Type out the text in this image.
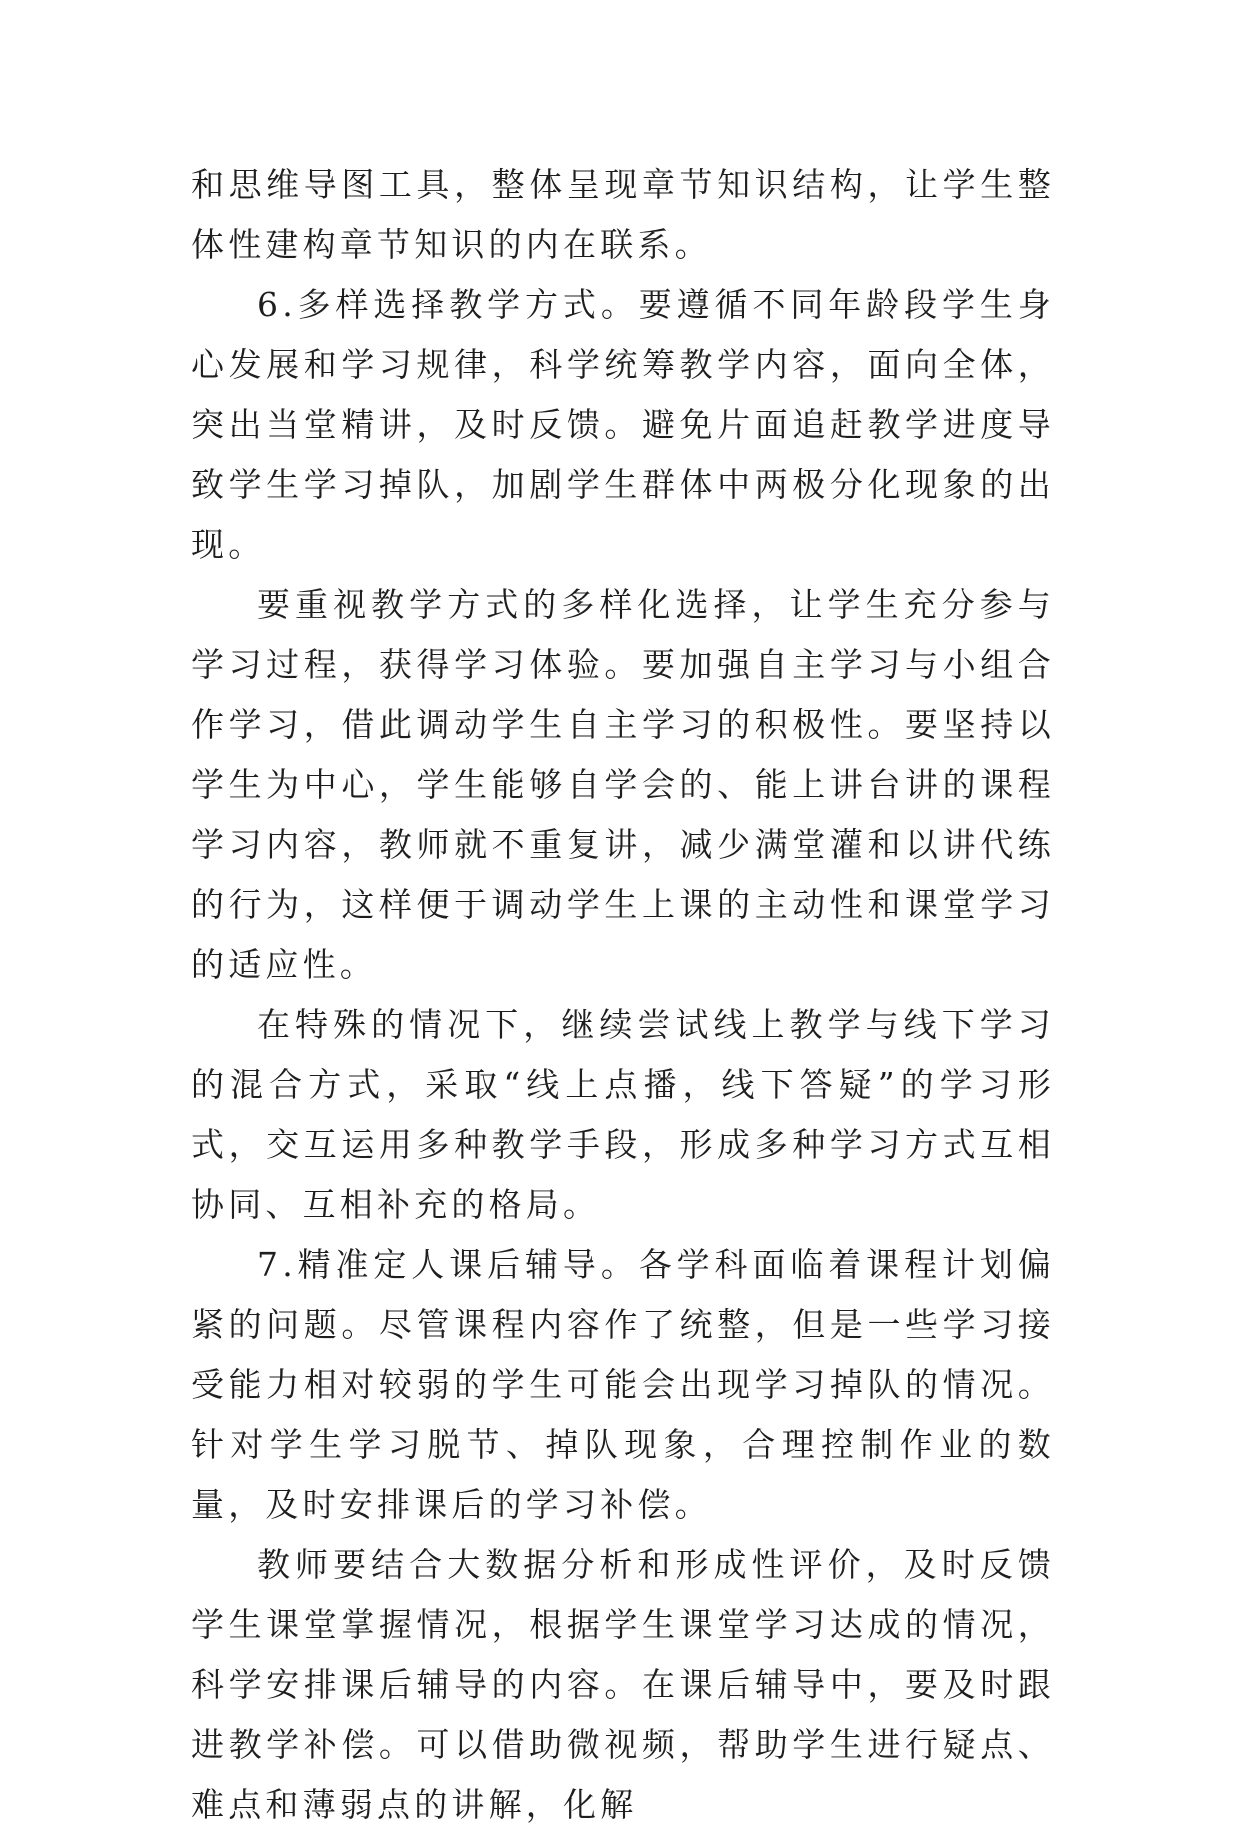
和思维导图工具，整体呈现章节知识结构，让学生整体性建构章节知识的内在联系。

6.多样选择教学方式。要遵循不同年龄段学生身心发展和学习规律，科学统筹教学内容，面向全体，突出当堂精讲，及时反馈。避免片面追赶教学进度导致学生学习掉队，加剧学生群体中两极分化现象的出现。

要重视教学方式的多样化选择，让学生充分参与学习过程，获得学习体验。要加强自主学习与小组合作学习，借此调动学生自主学习的积极性。要坚持以学生为中心，学生能够自学会的、能上讲台讲的课程学习内容，教师就不重复讲，减少满堂灌和以讲代练的行为，这样便于调动学生上课的主动性和课堂学习的适应性。

在特殊的情况下，继续尝试线上教学与线下学习的混合方式，采取“线上点播，线下答疑”的学习形式，交互运用多种教学手段，形成多种学习方式互相协同、互相补充的格局。

7.精准定人课后辅导。各学科面临着课程计划偏紧的问题。尽管课程内容作了统整，但是一些学习接受能力相对较弱的学生可能会出现学习掉队的情况。针对学生学习脱节、掉队现象，合理控制作业的数量，及时安排课后的学习补偿。

教师要结合大数据分析和形成性评价，及时反馈学生课堂掌握情况，根据学生课堂学习达成的情况，科学安排课后辅导的内容。在课后辅导中，要及时跟进教学补偿。可以借助微视频，帮助学生进行疑点、难点和薄弱点的讲解，化解
